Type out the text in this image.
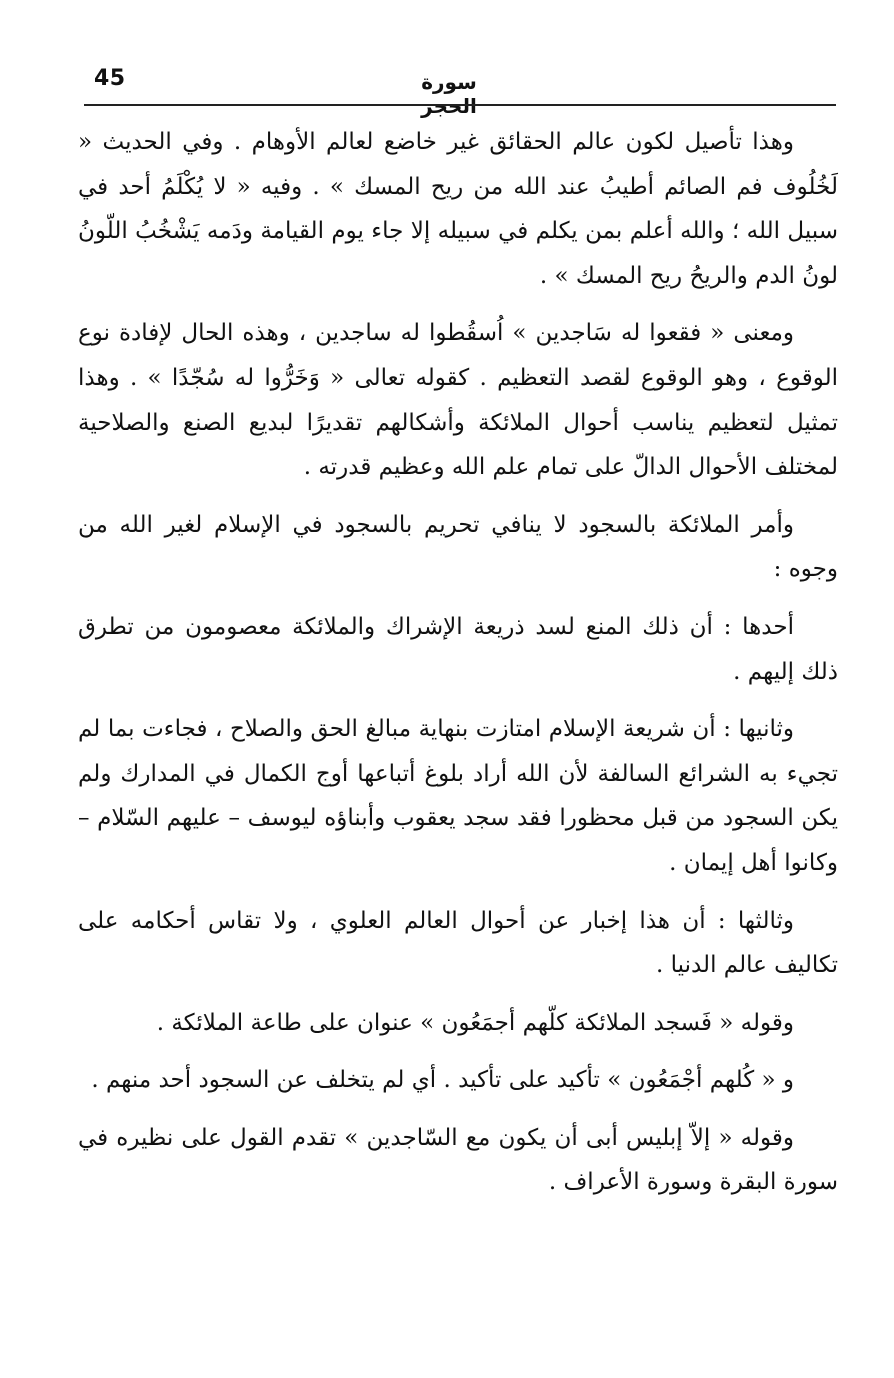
45	سورة الحجر

وهذا تأصيل لكون عالم الحقائق غير خاضع لعالم الأوهام . وفي الحديث « لَخُلُوف فم الصائم أطيبُ عند الله من ريح المسك » . وفيه « لا يُكْلَمُ أحد في سبيل الله ؛ والله أعلم بمن يكلم في سبيله إلا جاء يوم القيامة ودَمه يَشْخُبُ اللّونُ لونُ الدم والريحُ ريح المسك » .

ومعنى « فقعوا له سَاجدين » اُسقُطوا له ساجدين ، وهذه الحال لإفادة نوع الوقوع ، وهو الوقوع لقصد التعظيم . كقوله تعالى « وَخَرُّوا له سُجّدًا » . وهذا تمثيل لتعظيم يناسب أحوال الملائكة وأشكالهم تقديرًا لبديع الصنع والصلاحية لمختلف الأحوال الدالّ على تمام علم الله وعظيم قدرته .

وأمر الملائكة بالسجود لا ينافي تحريم بالسجود في الإسلام لغير الله من وجوه :

أحدها : أن ذلك المنع لسد ذريعة الإشراك والملائكة معصومون من تطرق ذلك إليهم .

وثانيها : أن شريعة الإسلام امتازت بنهاية مبالغ الحق والصلاح ، فجاءت بما لم تجيء به الشرائع السالفة لأن الله أراد بلوغ أتباعها أوج الكمال في المدارك ولم يكن السجود من قبل محظورا فقد سجد يعقوب وأبناؤه ليوسف – عليهم السّلام – وكانوا أهل إيمان .

وثالثها : أن هذا إخبار عن أحوال العالم العلوي ، ولا تقاس أحكامه على تكاليف عالم الدنيا .

وقوله « فَسجد الملائكة كلّهم أجمَعُون » عنوان على طاعة الملائكة .

و « كُلهم أجْمَعُون » تأكيد على تأكيد . أي لم يتخلف عن السجود أحد منهم .

وقوله « إلاّ إبليس أبى أن يكون مع السّاجدين » تقدم القول على نظيره في سورة البقرة وسورة الأعراف .
